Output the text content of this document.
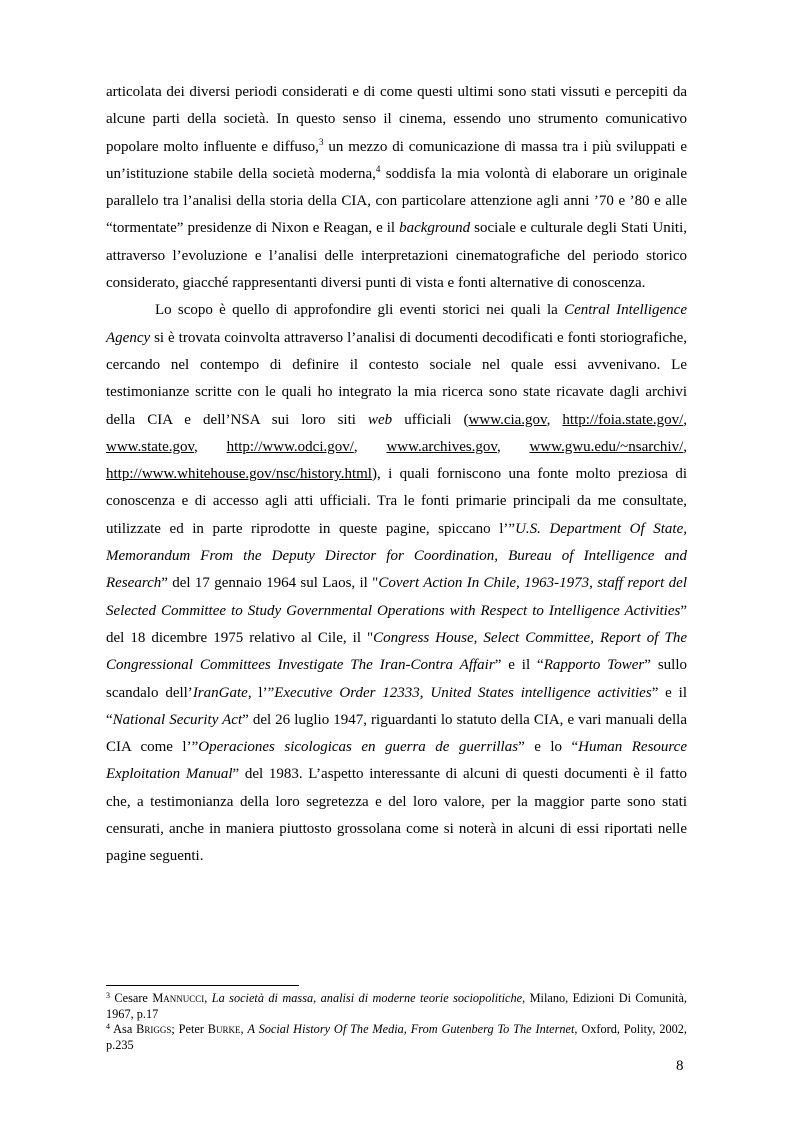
articolata dei diversi periodi considerati e di come questi ultimi sono stati vissuti e percepiti da alcune parti della società. In questo senso il cinema, essendo uno strumento comunicativo popolare molto influente e diffuso,$^3$ un mezzo di comunicazione di massa tra i più sviluppati e un’istituzione stabile della società moderna,$^4$ soddisfa la mia volontà di elaborare un originale parallelo tra l’analisi della storia della CIA, con particolare attenzione agli anni ’70 e ’80 e alle “tormentate” presidenze di Nixon e Reagan, e il background sociale e culturale degli Stati Uniti, attraverso l’evoluzione e l’analisi delle interpretazioni cinematografiche del periodo storico considerato, giacché rappresentanti diversi punti di vista e fonti alternative di conoscenza.

Lo scopo è quello di approfondire gli eventi storici nei quali la Central Intelligence Agency si è trovata coinvolta attraverso l’analisi di documenti decodificati e fonti storiografiche, cercando nel contempo di definire il contesto sociale nel quale essi avvenivano. Le testimonianze scritte con le quali ho integrato la mia ricerca sono state ricavate dagli archivi della CIA e dell’NSA sui loro siti web ufficiali (www.cia.gov, http://foia.state.gov/, www.state.gov, http://www.odci.gov/, www.archives.gov, www.gwu.edu/~nsarchiv/, http://www.whitehouse.gov/nsc/history.html), i quali forniscono una fonte molto preziosa di conoscenza e di accesso agli atti ufficiali. Tra le fonti primarie principali da me consultate, utilizzate ed in parte riprodotte in queste pagine, spiccano l’”U.S. Department Of State, Memorandum From the Deputy Director for Coordination, Bureau of Intelligence and Research” del 17 gennaio 1964 sul Laos, il "Covert Action In Chile, 1963-1973, staff report del Selected Committee to Study Governmental Operations with Respect to Intelligence Activities” del 18 dicembre 1975 relativo al Cile, il "Congress House, Select Committee, Report of The Congressional Committees Investigate The Iran-Contra Affair” e il “Rapporto Tower” sullo scandalo dell’IranGate, l’”Executive Order 12333, United States intelligence activities” e il “National Security Act” del 26 luglio 1947, riguardanti lo statuto della CIA, e vari manuali della CIA come l’”Operaciones sicologicas en guerra de guerrillas” e lo “Human Resource Exploitation Manual” del 1983. L’aspetto interessante di alcuni di questi documenti è il fatto che, a testimonianza della loro segretezza e del loro valore, per la maggior parte sono stati censurati, anche in maniera piuttosto grossolana come si noterà in alcuni di essi riportati nelle pagine seguenti.

$^3$ Cesare Mannucci, La società di massa, analisi di moderne teorie sociopolitiche, Milano, Edizioni Di Comunità, 1967, p.17

$^4$ Asa Briggs; Peter Burke, A Social History Of The Media, From Gutenberg To The Internet, Oxford, Polity, 2002, p.235

8
